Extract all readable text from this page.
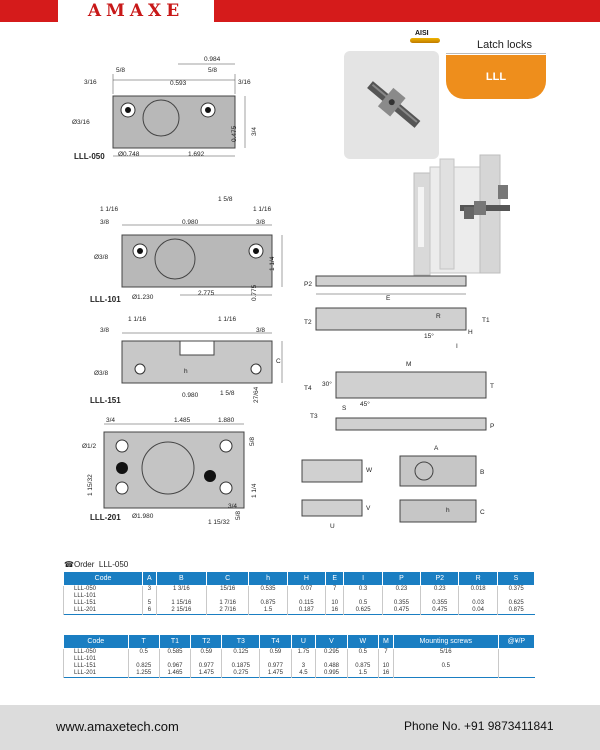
AMAXE
AISI
Latch locks
LLL
0.984
5/8	5/8
3/16	0.593	3/16
Ø3/16
0.475 3/4
Ø0.748	1.692
LLL-050
1 5/8
1 1/16	1 1/16
3/8	0.980	3/8
Ø3/8	1 1/4
Ø1.230
2.775	0.775
LLL-101
1 1/16	1 1/16
3/8	3/8
Ø3/8	h
C
0.980	1 5/8	27/64
LLL-151
3/4	1.485	1.880
Ø1/2
5/8
1 15/32	1 1/4
3/4
5/8
Ø1.980
1 15/32
LLL-201
P2
E
T2
R
15°
H
I
T1
M
T4
30°
S
45°
T
T3
P
A
W	B
C
h
V
U
☎Order LLL-050
Code	A	B	C	h	H	E	I	P	P2	R	S
LLL-050	3	1 3/16	15/16	0.535	0.07	7	0.3	0.23	0.23	0.018	0.375
LLL-101											
LLL-151	5	1 15/16	1 7/16	0.875	0.115	10	0.5	0.355	0.355	0.03	0.625
LLL-201	6	2 15/16	2 7/16	1.5	0.187	16	0.625	0.475	0.475	0.04	0.875
Code	T	T1	T2	T3	T4	U	V	W	M	Mounting screws	@¥/P
LLL-050	0.5	0.585	0.59	0.125	0.59	1.75	0.295	0.5	7	5/16	
LLL-101											
LLL-151	0.825	0.967	0.977	0.1875	0.977	3	0.488	0.875	10	0.5	
LLL-201	1.255	1.465	1.475	0.275	1.475	4.5	0.995	1.5	16		
www.amaxetech.com	Phone No. +91 9873411841
